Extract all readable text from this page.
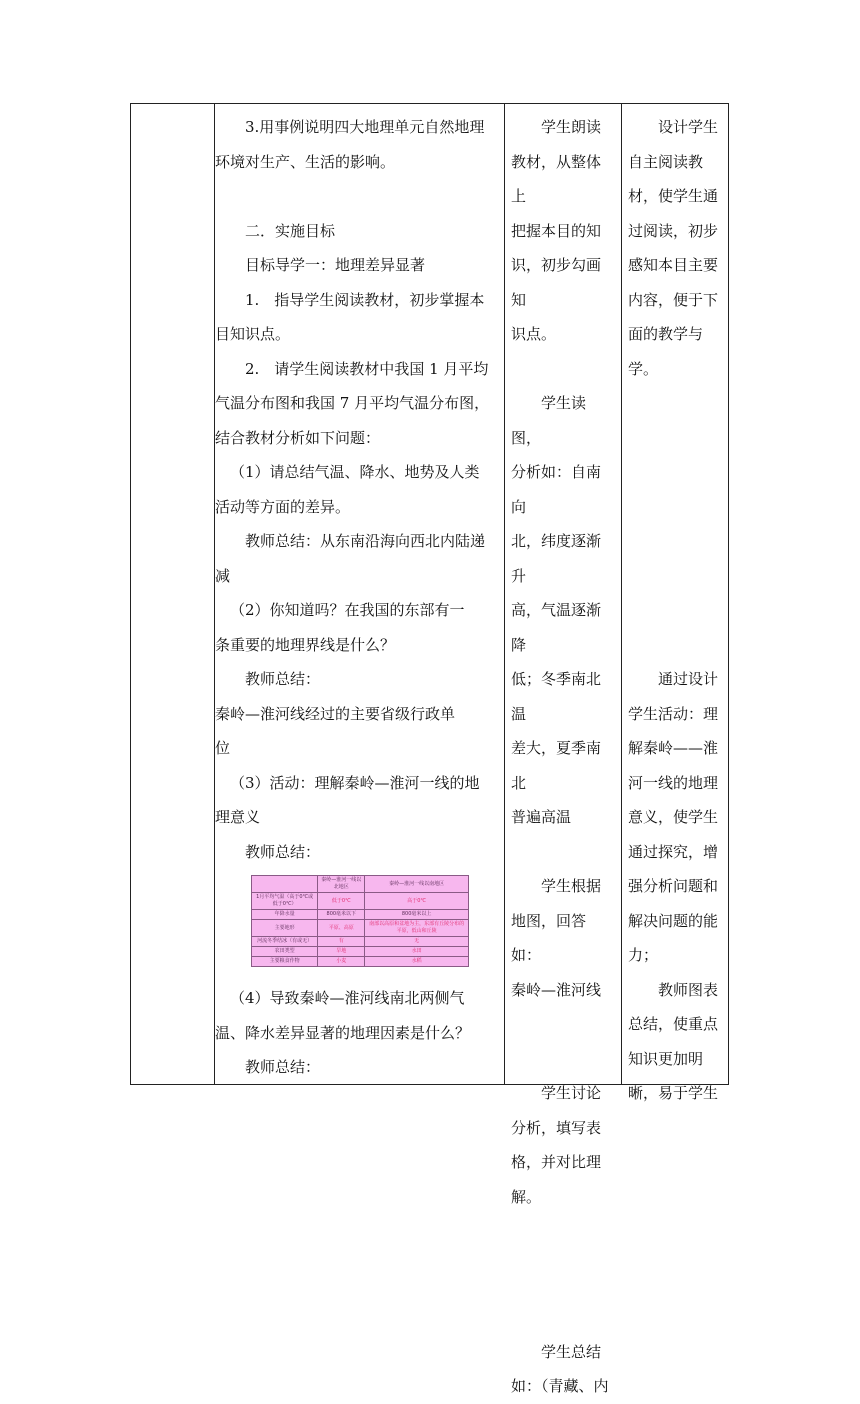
3.用事例说明四大地理单元自然地理

环境对生产、生活的影响。

二．实施目标

目标导学一：地理差异显著

1.　指导学生阅读教材，初步掌握本

目知识点。

2.　请学生阅读教材中我国 1 月平均

气温分布图和我国 7 月平均气温分布图，

结合教材分析如下问题：

（1）请总结气温、降水、地势及人类

活动等方面的差异。

教师总结：从东南沿海向西北内陆递

减

（2）你知道吗？在我国的东部有一

条重要的地理界线是什么？

教师总结：

秦岭—淮河线经过的主要省级行政单

位

（3）活动：理解秦岭—淮河一线的地

理意义

教师总结：

	秦岭—淮河一线以北地区	秦岭—淮河一线以南地区
1月平均气温（高于0℃或低于0℃）	低于0℃	高于0℃
年降水量	800毫米以下	800毫米以上
主要地形	平原、高原	南部以高原和盆地为主，东部有丘陵分布的平原，低山和丘陵
河流冬季结冰（有或无）	有	无
农田类型	旱地	水田
主要粮食作物	小麦	水稻

（4）导致秦岭—淮河线南北两侧气

温、降水差异显著的地理因素是什么？

教师总结：

学生朗读

教材，从整体上

把握本目的知

识，初步勾画知

识点。

学生读图，

分析如：自南向

北，纬度逐渐升

高，气温逐渐降

低；冬季南北温

差大，夏季南北

普遍高温

学生根据

地图，回答如：

秦岭—淮河线

学生讨论

分析，填写表

格，并对比理

解。

学生总结

如：（青藏、内

设计学生

自主阅读教

材，使学生通

过阅读，初步

感知本目主要

内容，便于下

面的教学与

学。

通过设计

学生活动：理

解秦岭——淮

河一线的地理

意义，使学生

通过探究，增

强分析问题和

解决问题的能

力；

教师图表

总结，使重点

知识更加明

晰，易于学生
